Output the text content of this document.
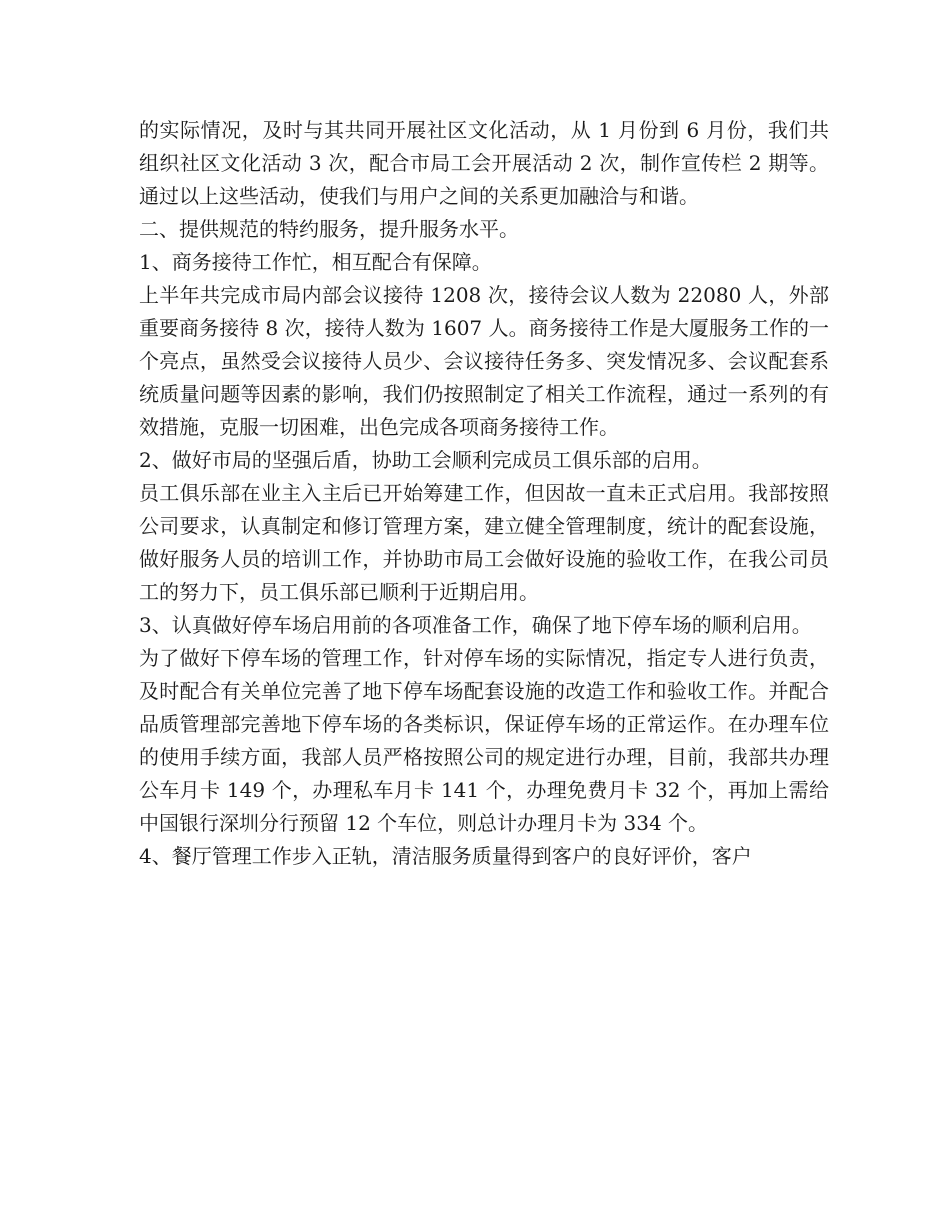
的实际情况，及时与其共同开展社区文化活动，从 1 月份到 6 月份，我们共组织社区文化活动 3 次，配合市局工会开展活动 2 次，制作宣传栏 2 期等。通过以上这些活动，使我们与用户之间的关系更加融洽与和谐。

二、提供规范的特约服务，提升服务水平。

1、商务接待工作忙，相互配合有保障。

上半年共完成市局内部会议接待 1208 次，接待会议人数为 22080 人，外部重要商务接待 8 次，接待人数为 1607 人。商务接待工作是大厦服务工作的一个亮点，虽然受会议接待人员少、会议接待任务多、突发情况多、会议配套系统质量问题等因素的影响，我们仍按照制定了相关工作流程，通过一系列的有效措施，克服一切困难，出色完成各项商务接待工作。

2、做好市局的坚强后盾，协助工会顺利完成员工俱乐部的启用。

员工俱乐部在业主入主后已开始筹建工作，但因故一直未正式启用。我部按照公司要求，认真制定和修订管理方案，建立健全管理制度，统计的配套设施，做好服务人员的培训工作，并协助市局工会做好设施的验收工作，在我公司员工的努力下，员工俱乐部已顺利于近期启用。

3、认真做好停车场启用前的各项准备工作，确保了地下停车场的顺利启用。

为了做好下停车场的管理工作，针对停车场的实际情况，指定专人进行负责，及时配合有关单位完善了地下停车场配套设施的改造工作和验收工作。并配合品质管理部完善地下停车场的各类标识，保证停车场的正常运作。在办理车位的使用手续方面，我部人员严格按照公司的规定进行办理，目前，我部共办理公车月卡 149 个，办理私车月卡 141 个，办理免费月卡 32 个，再加上需给中国银行深圳分行预留 12 个车位，则总计办理月卡为 334 个。

4、餐厅管理工作步入正轨，清洁服务质量得到客户的良好评价，客户
